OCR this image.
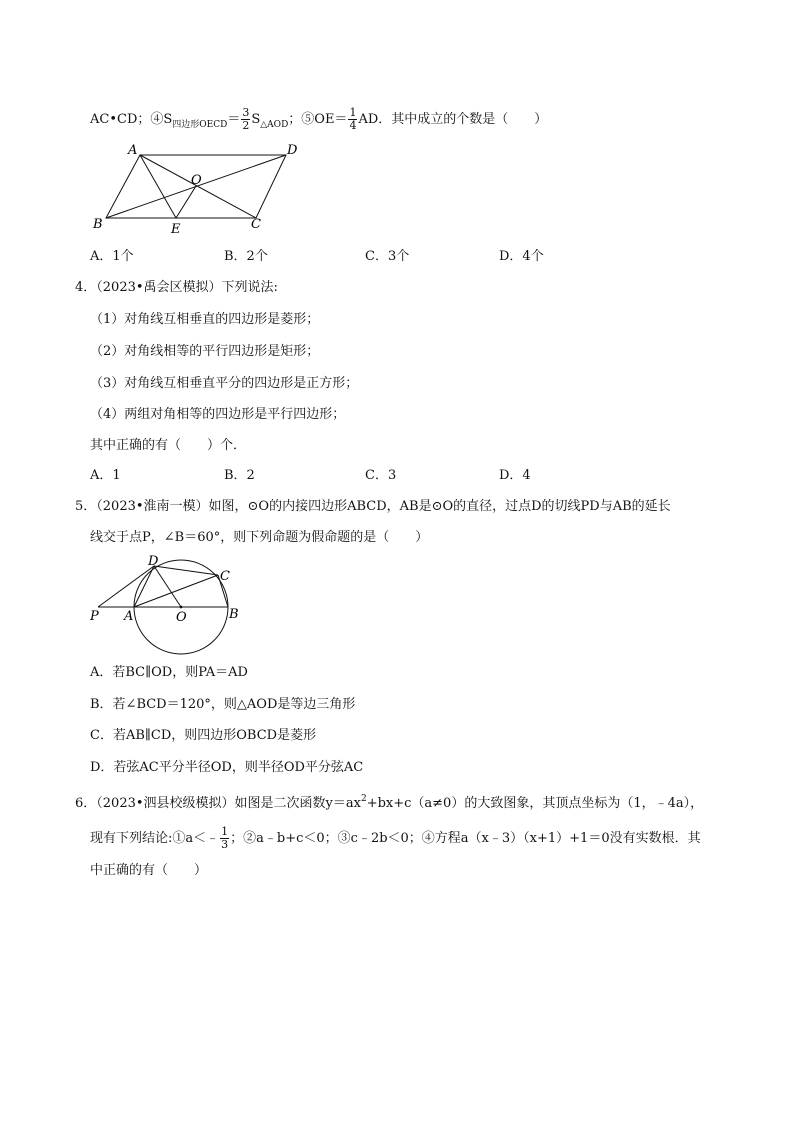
AC•CD；$④S_{四边形OECD}= \frac{3}{2} S_{\triangle AOD}$；⑤OE＝ $\frac{1}{4}$ AD．其中成立的个数是（　　）
A	D
O
B	E	C
A．1个	B．2个	C．3个	D．4个
4．（2023•禹会区模拟）下列说法:
（1）对角线互相垂直的四边形是菱形；
（2）对角线相等的平行四边形是矩形；
（3）对角线互相垂直平分的四边形是正方形；
（4）两组对角相等的四边形是平行四边形；
其中正确的有（　　）个．
A．1	B．2	C．3	D．4
5．（2023•淮南一模）如图，⊙O的内接四边形ABCD，AB是⊙O的直径，过点D的切线PD与AB的延长
线交于点P，∠B＝60°，则下列命题为假命题的是（　　）
D
C
P A	O	B
A．若BC∥OD，则PA＝AD
B．若∠BCD＝120°，则△AOD是等边三角形
C．若AB∥CD，则四边形OBCD是菱形
D．若弦AC平分半径OD，则半径OD平分弦AC
6．（2023•泗县校级模拟）如图是二次函数$y=ax^2+bx+c(a\ne 0)$的大致图象，其顶点坐标为（1，﹣4a），
现有下列结论:①a＜﹣ $\frac{1}{3}$ ；②a﹣b+c＜0；③c﹣2b＜0；④方程a（x﹣3）（x+1）+1＝0没有实数根．其
中正确的有（　　）
